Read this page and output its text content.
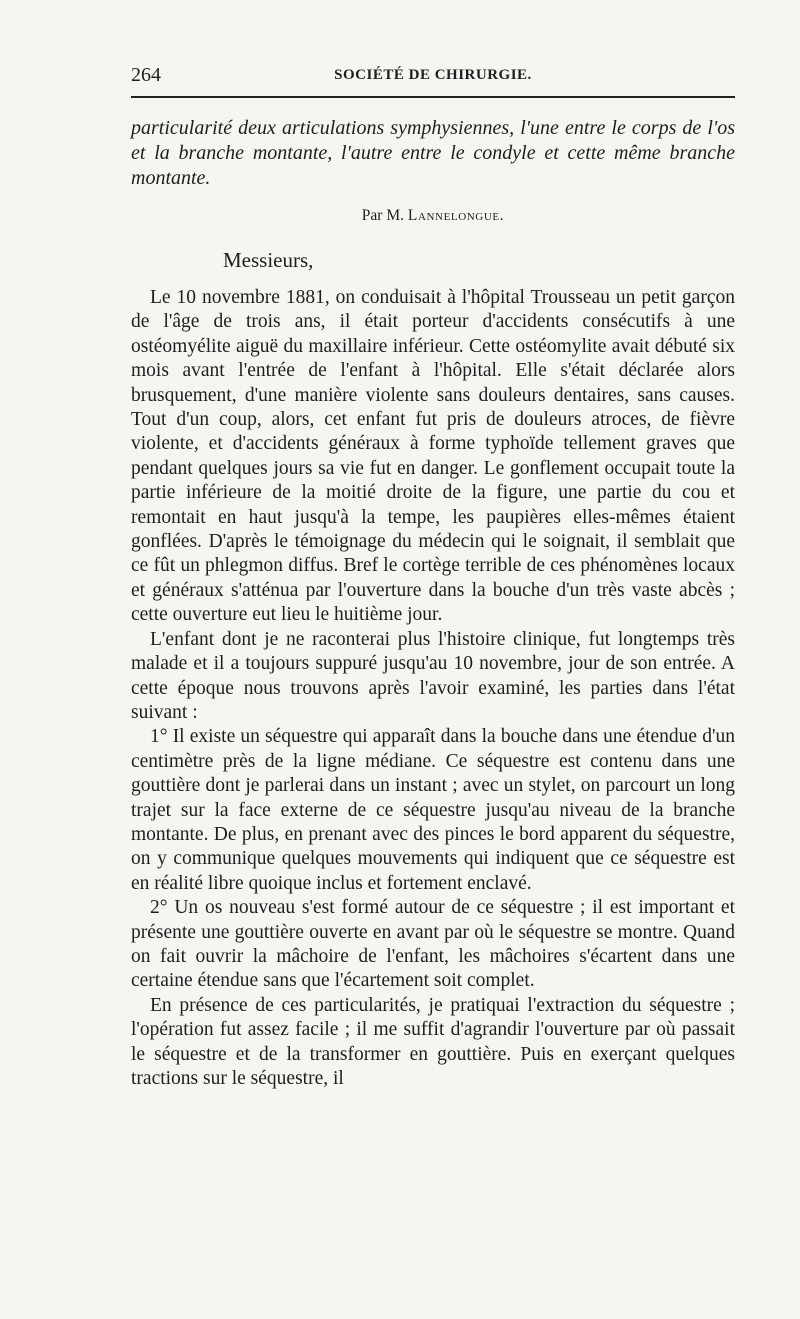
264	SOCIÉTÉ DE CHIRURGIE.

particularité deux articulations symphysiennes, l'une entre le corps de l'os et la branche montante, l'autre entre le condyle et cette même branche montante.

Par M. Lannelongue.
Messieurs,

Le 10 novembre 1881, on conduisait à l'hôpital Trousseau un petit garçon de l'âge de trois ans, il était porteur d'accidents consécutifs à une ostéomyélite aiguë du maxillaire inférieur. Cette ostéomylite avait débuté six mois avant l'entrée de l'enfant à l'hôpital. Elle s'était déclarée alors brusquement, d'une manière violente sans douleurs dentaires, sans causes. Tout d'un coup, alors, cet enfant fut pris de douleurs atroces, de fièvre violente, et d'accidents généraux à forme typhoïde tellement graves que pendant quelques jours sa vie fut en danger. Le gonflement occupait toute la partie inférieure de la moitié droite de la figure, une partie du cou et remontait en haut jusqu'à la tempe, les paupières elles-mêmes étaient gonflées. D'après le témoignage du médecin qui le soignait, il semblait que ce fût un phlegmon diffus. Bref le cortège terrible de ces phénomènes locaux et généraux s'atténua par l'ouverture dans la bouche d'un très vaste abcès ; cette ouverture eut lieu le huitième jour.

L'enfant dont je ne raconterai plus l'histoire clinique, fut longtemps très malade et il a toujours suppuré jusqu'au 10 novembre, jour de son entrée. A cette époque nous trouvons après l'avoir examiné, les parties dans l'état suivant :

1° Il existe un séquestre qui apparaît dans la bouche dans une étendue d'un centimètre près de la ligne médiane. Ce séquestre est contenu dans une gouttière dont je parlerai dans un instant ; avec un stylet, on parcourt un long trajet sur la face externe de ce séquestre jusqu'au niveau de la branche montante. De plus, en prenant avec des pinces le bord apparent du séquestre, on y communique quelques mouvements qui indiquent que ce séquestre est en réalité libre quoique inclus et fortement enclavé.

2° Un os nouveau s'est formé autour de ce séquestre ; il est important et présente une gouttière ouverte en avant par où le séquestre se montre. Quand on fait ouvrir la mâchoire de l'enfant, les mâchoires s'écartent dans une certaine étendue sans que l'écartement soit complet.

En présence de ces particularités, je pratiquai l'extraction du séquestre ; l'opération fut assez facile ; il me suffit d'agrandir l'ouverture par où passait le séquestre et de la transformer en gouttière. Puis en exerçant quelques tractions sur le séquestre, il
